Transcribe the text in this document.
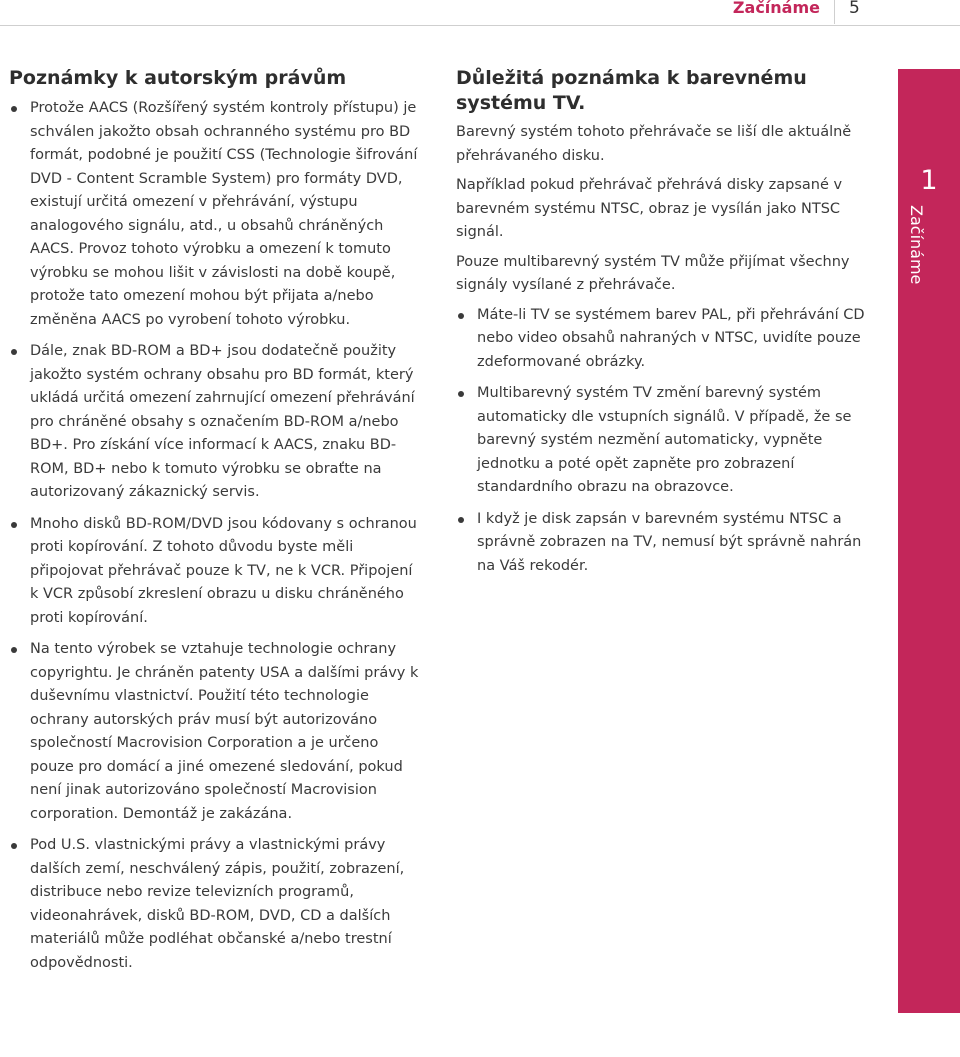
Začínáme 5
Poznámky k autorským právům
Protože AACS (Rozšířený systém kontroly přístupu) je schválen jakožto obsah ochranného systému pro BD formát, podobné je použití CSS (Technologie šifrování DVD - Content Scramble System) pro formáty DVD, existují určitá omezení v přehrávání, výstupu analogového signálu, atd., u obsahů chráněných AACS. Provoz tohoto výrobku a omezení k tomuto výrobku se mohou lišit v závislosti na době koupě, protože tato omezení mohou být přijata a/nebo změněna AACS po vyrobení tohoto výrobku.
Dále, znak BD-ROM a BD+ jsou dodatečně použity jakožto systém ochrany obsahu pro BD formát, který ukládá určitá omezení zahrnující omezení přehrávání pro chráněné obsahy s označením BD-ROM a/nebo BD+. Pro získání více informací k AACS, znaku BD-ROM, BD+ nebo k tomuto výrobku se obraťte na autorizovaný zákaznický servis.
Mnoho disků BD-ROM/DVD jsou kódovany s ochranou proti kopírování. Z tohoto důvodu byste měli připojovat přehrávač pouze k TV, ne k VCR. Připojení k VCR způsobí zkreslení obrazu u disku chráněného proti kopírování.
Na tento výrobek se vztahuje technologie ochrany copyrightu. Je chráněn patenty USA a dalšími právy k duševnímu vlastnictví. Použití této technologie ochrany autorských práv musí být autorizováno společností Macrovision Corporation a je určeno pouze pro domácí a jiné omezené sledování, pokud není jinak autorizováno společností Macrovision corporation. Demontáž je zakázána.
Pod U.S. vlastnickými právy a vlastnickými právy dalších zemí, neschválený zápis, použití, zobrazení, distribuce nebo revize televizních programů, videonahrávek, disků BD-ROM, DVD, CD a dalších materiálů může podléhat občanské a/nebo trestní odpovědnosti.
Důležitá poznámka k barevnému systému TV.

Barevný systém tohoto přehrávače se liší dle aktuálně přehrávaného disku.

Například pokud přehrávač přehrává disky zapsané v barevném systému NTSC, obraz je vysílán jako NTSC signál.

Pouze multibarevný systém TV může přijímat všechny signály vysílané z přehrávače.

Máte-li TV se systémem barev PAL, při přehrávání CD nebo video obsahů nahraných v NTSC, uvidíte pouze zdeformované obrázky.
Multibarevný systém TV změní barevný systém automaticky dle vstupních signálů. V případě, že se barevný systém nezmění automaticky, vypněte jednotku a poté opět zapněte pro zobrazení standardního obrazu na obrazovce.
I když je disk zapsán v barevném systému NTSC a správně zobrazen na TV, nemusí být správně nahrán na Váš rekodér.
1
Začínáme
